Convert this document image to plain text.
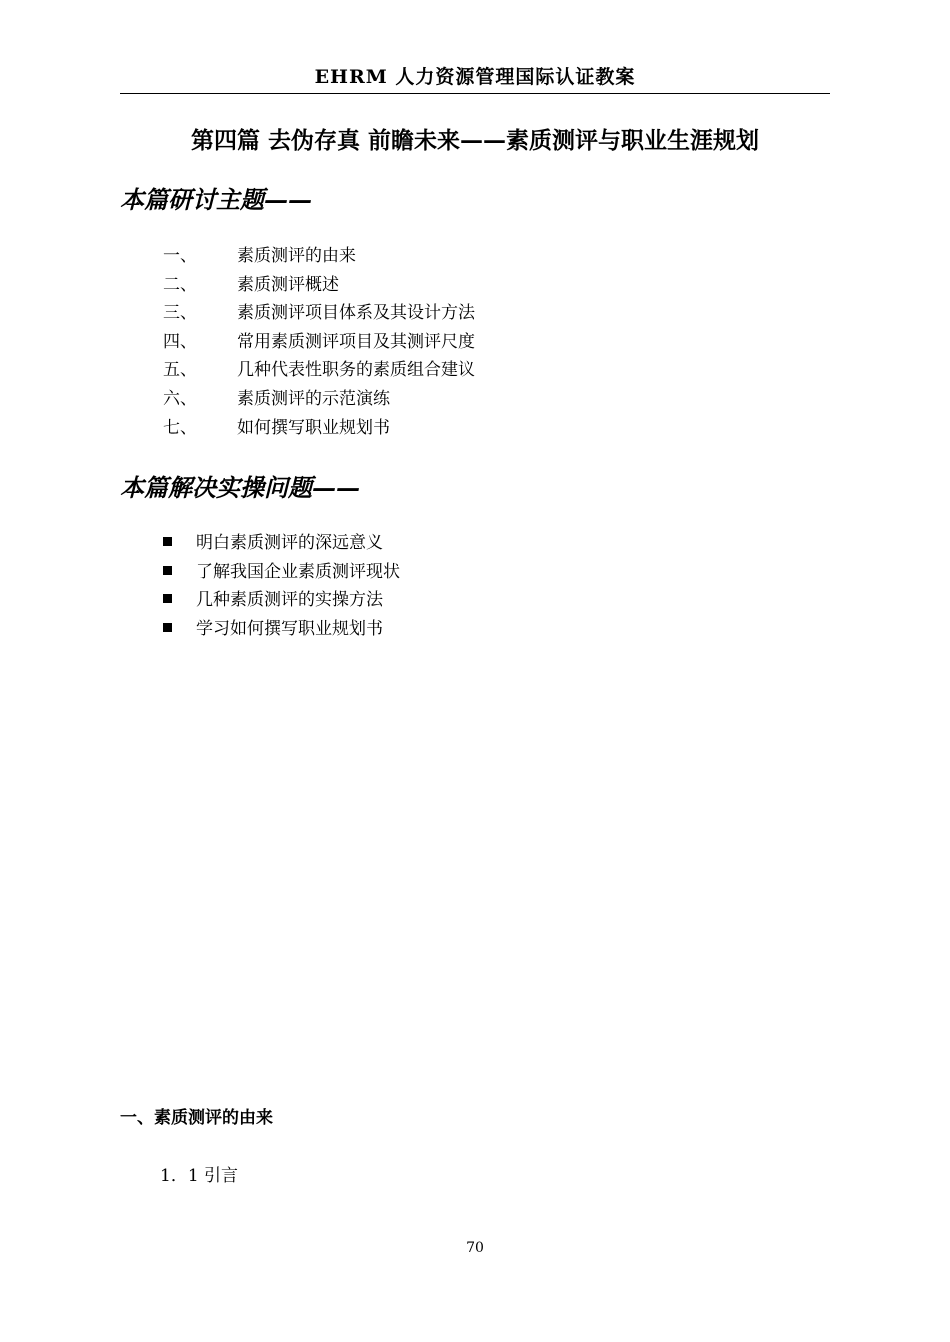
EHRM 人力资源管理国际认证教案
第四篇 去伪存真 前瞻未来——素质测评与职业生涯规划
本篇研讨主题——
一、 素质测评的由来
二、 素质测评概述
三、 素质测评项目体系及其设计方法
四、 常用素质测评项目及其测评尺度
五、 几种代表性职务的素质组合建议
六、 素质测评的示范演练
七、 如何撰写职业规划书
本篇解决实操问题——
明白素质测评的深远意义
了解我国企业素质测评现状
几种素质测评的实操方法
学习如何撰写职业规划书
一、素质测评的由来
1．1 引言
70
